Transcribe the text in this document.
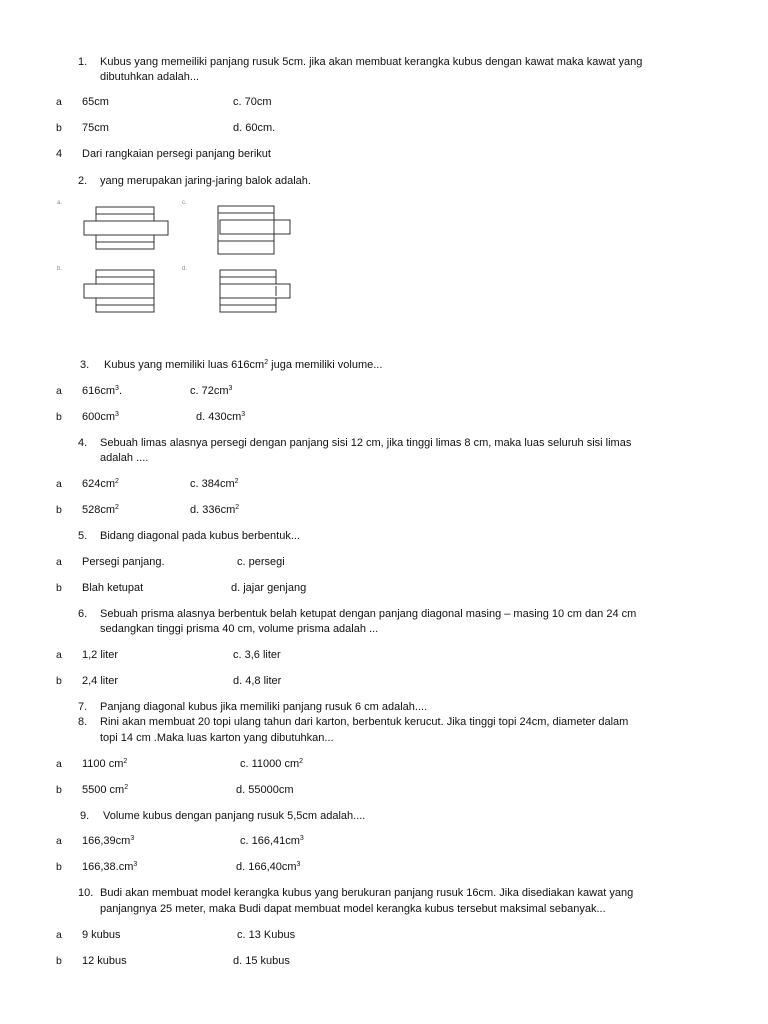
1. Kubus yang memeiliki panjang rusuk 5cm. jika akan membuat kerangka kubus dengan kawat maka kawat yang
dibutuhkan adalah...
a 65cm	c. 70cm
b 75cm	d. 60cm.
4 Dari rangkaian persegi panjang berikut
2. yang merupakan jaring-jaring balok adalah.
a.	c.
b.	d.
3. Kubus yang memiliki luas $616cm^2$ juga memiliki volume...
a $616cm^3$.	c. $72cm^3$
b $600cm^3$	d. $430cm^3$
4. Sebuah limas alasnya persegi dengan panjang sisi 12 cm, jika tinggi limas 8 cm, maka luas seluruh sisi limas
adalah ....
a $624cm^2$	c. $384cm^2$
b $528cm^2$	d. $336cm^2$
5. Bidang diagonal pada kubus berbentuk...
a Persegi panjang.	c. persegi
b Blah ketupat	d. jajar genjang
6. Sebuah prisma alasnya berbentuk belah ketupat dengan panjang diagonal masing – masing 10 cm dan 24 cm
sedangkan tinggi prisma 40 cm, volume prisma adalah ...
a 1,2 liter	c. 3,6 liter
b 2,4 liter	d. 4,8 liter
7. Panjang diagonal kubus jika memiliki panjang rusuk 6 cm adalah....
8. Rini akan membuat 20 topi ulang tahun dari karton, berbentuk kerucut. Jika tinggi topi 24cm, diameter dalam
topi 14 cm .Maka luas karton yang dibutuhkan...
a 1100 $cm^2$	c. 11000 $cm^2$
b 5500 $cm^2$	d. 55000cm
9. Volume kubus dengan panjang rusuk 5,5cm adalah....
a $166,39cm^3$	c. $166,41cm^3$
b $166,38.cm^3$	d. $166,40cm^3$
10. Budi akan membuat model kerangka kubus yang berukuran panjang rusuk 16cm. Jika disediakan kawat yang
panjangnya 25 meter, maka Budi dapat membuat model kerangka kubus tersebut maksimal sebanyak...
a 9 kubus	c. 13 Kubus
b 12 kubus	d. 15 kubus
